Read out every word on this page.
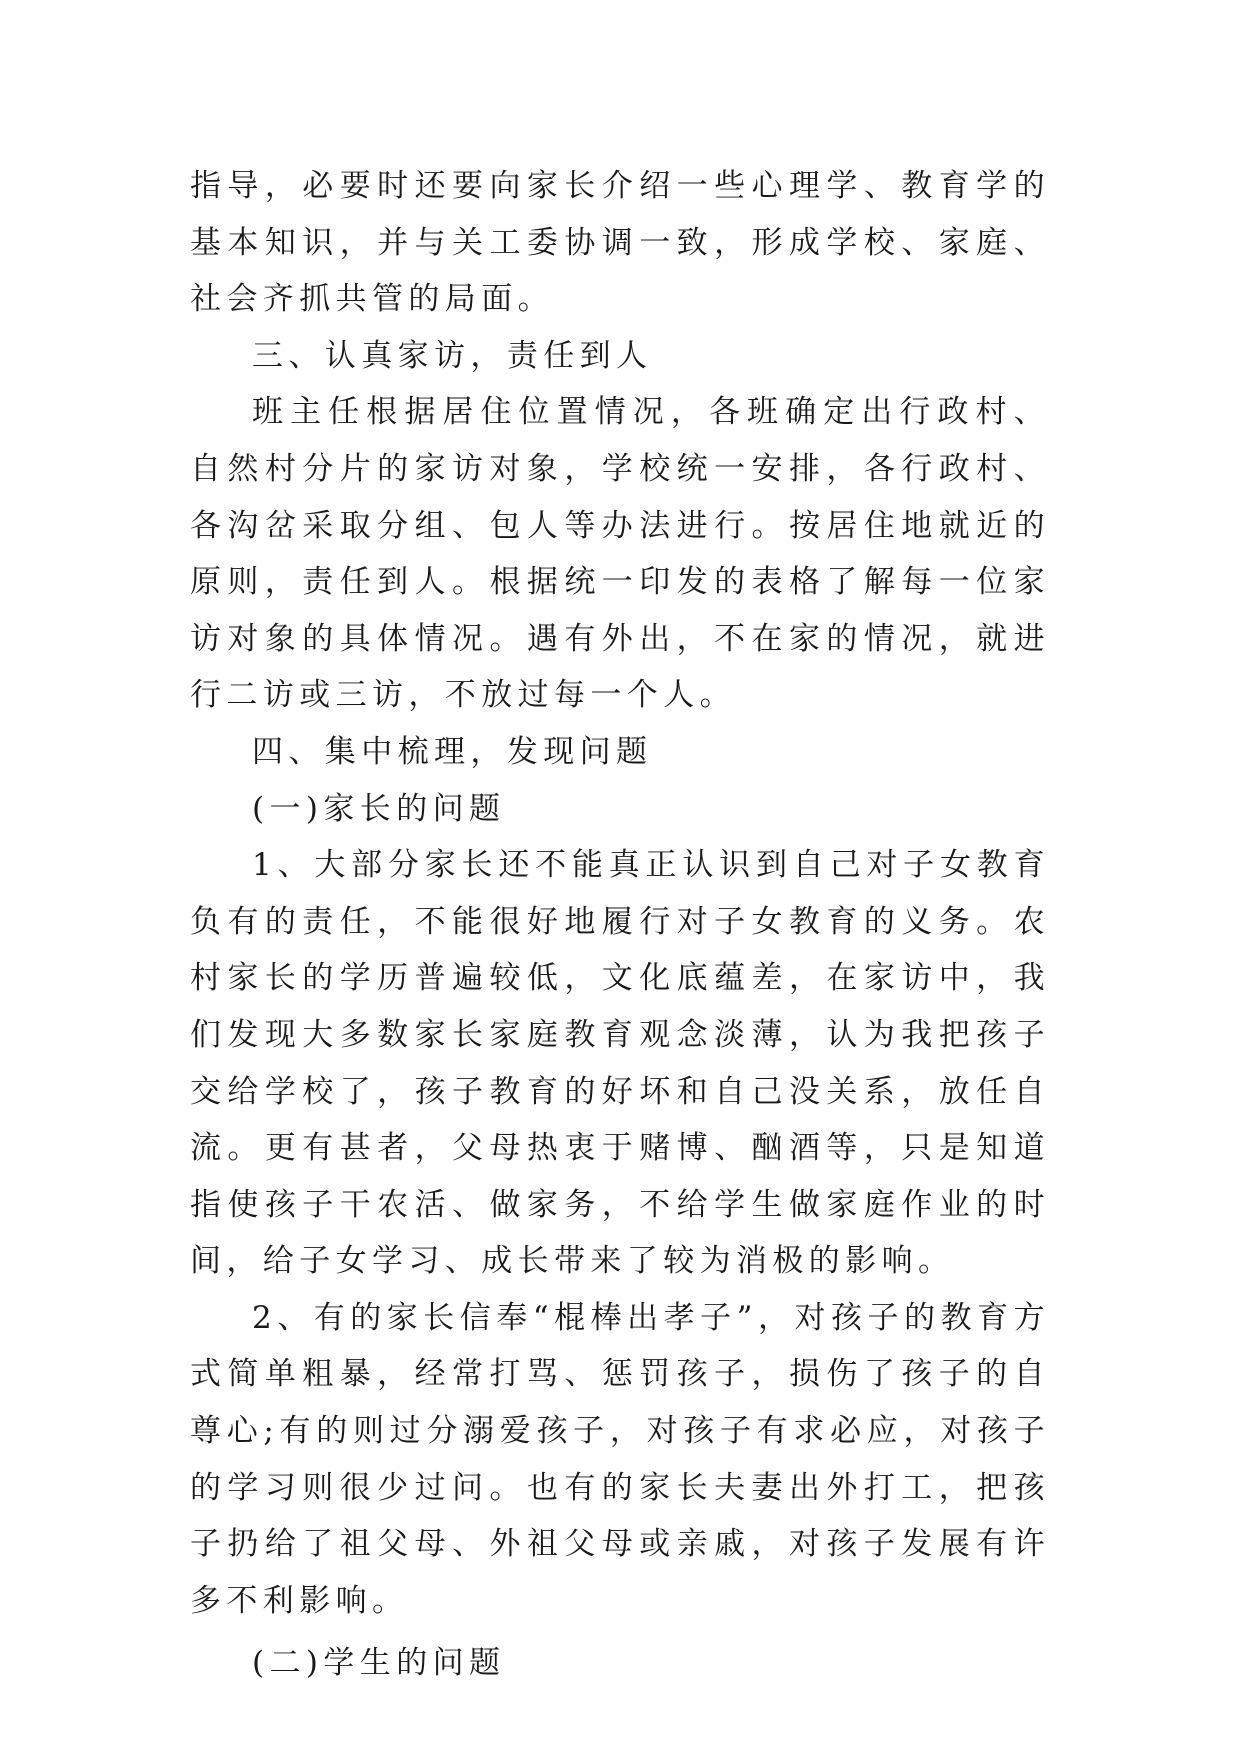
指导，必要时还要向家长介绍一些心理学、教育学的基本知识，并与关工委协调一致，形成学校、家庭、社会齐抓共管的局面。

三、认真家访，责任到人

班主任根据居住位置情况，各班确定出行政村、自然村分片的家访对象，学校统一安排，各行政村、各沟岔采取分组、包人等办法进行。按居住地就近的原则，责任到人。根据统一印发的表格了解每一位家访对象的具体情况。遇有外出，不在家的情况，就进行二访或三访，不放过每一个人。

四、集中梳理，发现问题

(一)家长的问题

1、大部分家长还不能真正认识到自己对子女教育负有的责任，不能很好地履行对子女教育的义务。农村家长的学历普遍较低，文化底蕴差，在家访中，我们发现大多数家长家庭教育观念淡薄，认为我把孩子交给学校了，孩子教育的好坏和自己没关系，放任自流。更有甚者，父母热衷于赌博、酗酒等，只是知道指使孩子干农活、做家务，不给学生做家庭作业的时间，给子女学习、成长带来了较为消极的影响。

2、有的家长信奉“棍棒出孝子”，对孩子的教育方式简单粗暴，经常打骂、惩罚孩子，损伤了孩子的自尊心;有的则过分溺爱孩子，对孩子有求必应，对孩子的学习则很少过问。也有的家长夫妻出外打工，把孩子扔给了祖父母、外祖父母或亲戚，对孩子发展有许多不利影响。

(二)学生的问题
